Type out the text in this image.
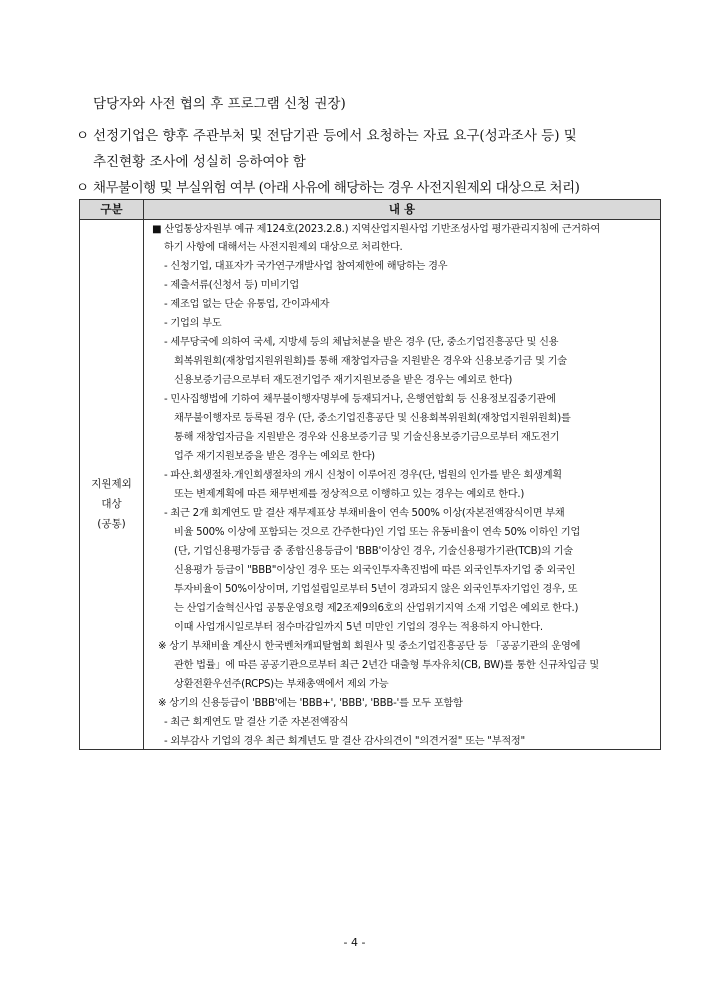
담당자와 사전 협의 후 프로그램 신청 권장)
ㅇ 선정기업은 향후 주관부처 및 전담기관 등에서 요청하는 자료 요구(성과조사 등) 및
추진현황 조사에 성실히 응하여야 함
ㅇ 채무불이행 및 부실위험 여부 (아래 사유에 해당하는 경우 사전지원제외 대상으로 처리)
구분	내 용
지원제외
대상
(공통)
■ 산업통상자원부 예규 제124호(2023.2.8.) 지역산업지원사업 기반조성사업 평가관리지침에 근거하여
하기 사항에 대해서는 사전지원제외 대상으로 처리한다.
- 신청기업, 대표자가 국가연구개발사업 참여제한에 해당하는 경우
- 제출서류(신청서 등) 미비기업
- 제조업 없는 단순 유통업, 간이과세자
- 기업의 부도
- 세무당국에 의하여 국세, 지방세 등의 체납처분을 받은 경우 (단, 중소기업진흥공단 및 신용
회복위원회(재창업지원위원회)를 통해 재창업자금을 지원받은 경우와 신용보증기금 및 기술
신용보증기금으로부터 재도전기업주 재기지원보증을 받은 경우는 예외로 한다)
- 민사집행법에 기하여 채무불이행자명부에 등재되거나, 은행연합회 등 신용정보집중기관에
채무불이행자로 등록된 경우 (단, 중소기업진흥공단 및 신용회복위원회(재창업지원위원회)를
통해 재창업자금을 지원받은 경우와 신용보증기금 및 기술신용보증기금으로부터 재도전기
업주 재기지원보증을 받은 경우는 예외로 한다)
- 파산.회생절차.개인회생절차의 개시 신청이 이루어진 경우(단, 법원의 인가를 받은 회생계획
또는 변제계획에 따른 채무변제를 정상적으로 이행하고 있는 경우는 예외로 한다.)
- 최근 2개 회계연도 말 결산 재무제표상 부채비율이 연속 500% 이상(자본전액잠식이면 부채
비율 500% 이상에 포함되는 것으로 간주한다)인 기업 또는 유동비율이 연속 50% 이하인 기업
(단, 기업신용평가등급 중 종합신용등급이 'BBB'이상인 경우, 기술신용평가기관(TCB)의 기술
신용평가 등급이 "BBB"이상인 경우 또는 외국인투자촉진법에 따른 외국인투자기업 중 외국인
투자비율이 50%이상이며, 기업설립일로부터 5년이 경과되지 않은 외국인투자기업인 경우, 또
는 산업기술혁신사업 공통운영요령 제2조제9의6호의 산업위기지역 소재 기업은 예외로 한다.)
이때 사업개시일로부터 점수마감일까지 5년 미만인 기업의 경우는 적용하지 아니한다.
※ 상기 부채비율 계산시 한국벤처캐피탈협회 회원사 및 중소기업진흥공단 등 「공공기관의 운영에
관한 법률」에 따른 공공기관으로부터 최근 2년간 대출형 투자유치(CB, BW)를 통한 신규차입금 및
상환전환우선주(RCPS)는 부채총액에서 제외 가능
※ 상기의 신용등급이 'BBB'에는 'BBB+', 'BBB', 'BBB-'를 모두 포함함
- 최근 회계연도 말 결산 기준 자본전액잠식
- 외부감사 기업의 경우 최근 회계년도 말 결산 감사의견이 "의견거절" 또는 "부적정"
- 4 -
